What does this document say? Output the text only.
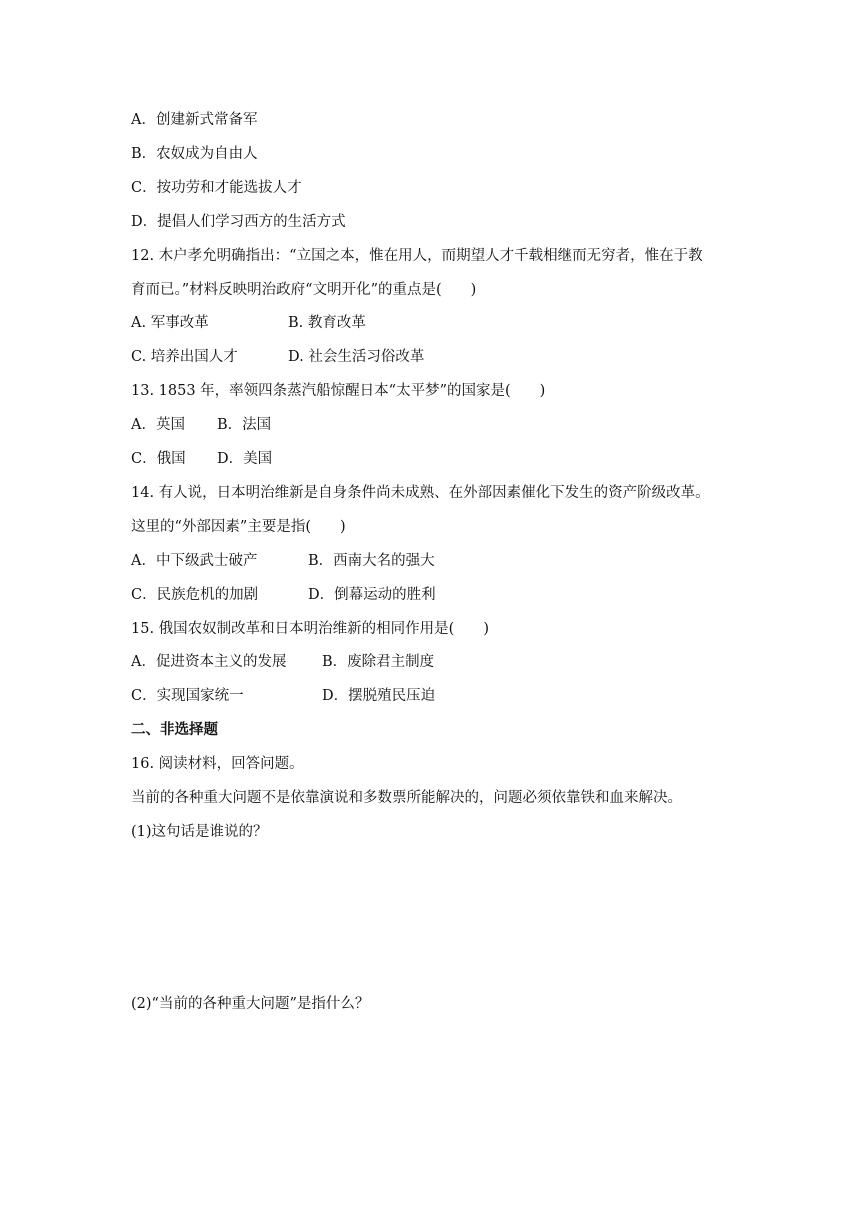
A．创建新式常备军
B．农奴成为自由人
C．按功劳和才能选拔人才
D．提倡人们学习西方的生活方式
12. 木户孝允明确指出：“立国之本，惟在用人，而期望人才千载相继而无穷者，惟在于教
育而已。”材料反映明治政府“文明开化”的重点是(　　)
A. 军事改革	B. 教育改革
C. 培养出国人才	D. 社会生活习俗改革
13. 1853 年，率领四条蒸汽船惊醒日本“太平梦”的国家是(　　)
A．英国 B．法国
C．俄国 D．美国
14. 有人说，日本明治维新是自身条件尚未成熟、在外部因素催化下发生的资产阶级改革。
这里的“外部因素”主要是指(　　)
A．中下级武士破产	B．西南大名的强大
C．民族危机的加剧	D．倒幕运动的胜利
15. 俄国农奴制改革和日本明治维新的相同作用是(　　)
A．促进资本主义的发展 B．废除君主制度
C．实现国家统一	D．摆脱殖民压迫
二、非选择题
16. 阅读材料，回答问题。
当前的各种重大问题不是依靠演说和多数票所能解决的，问题必须依靠铁和血来解决。
(1)这句话是谁说的？
(2)“当前的各种重大问题”是指什么？
